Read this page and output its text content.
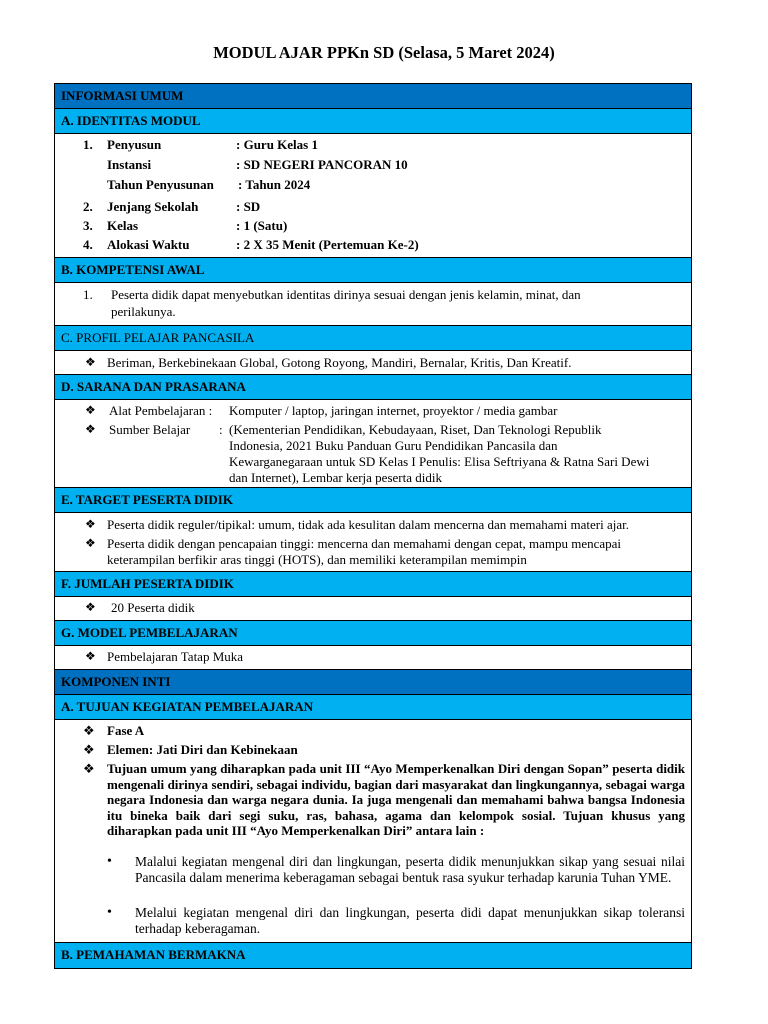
MODUL AJAR PPKn SD (Selasa, 5 Maret 2024)
INFORMASI UMUM
A. IDENTITAS MODUL
1. Penyusun	: Guru Kelas 1
Instansi	: SD NEGERI PANCORAN 10
Tahun Penyusunan : Tahun 2024
2. Jenjang Sekolah	: SD
3. Kelas	: 1 (Satu)
4. Alokasi Waktu	: 2 X 35 Menit (Pertemuan Ke-2)
B. KOMPETENSI AWAL
1. Peserta didik dapat menyebutkan identitas dirinya sesuai dengan jenis kelamin, minat, dan
perilakunya.
C. PROFIL PELAJAR PANCASILA
❖ Beriman, Berkebinekaan Global, Gotong Royong, Mandiri, Bernalar, Kritis, Dan Kreatif.
D. SARANA DAN PRASARANA
❖ Alat Pembelajaran : Komputer / laptop, jaringan internet, proyektor / media gambar
❖ Sumber Belajar : (Kementerian Pendidikan, Kebudayaan, Riset, Dan Teknologi Republik
Indonesia, 2021 Buku Panduan Guru Pendidikan Pancasila dan
Kewarganegaraan untuk SD Kelas I Penulis: Elisa Seftriyana & Ratna Sari Dewi
dan Internet), Lembar kerja peserta didik
E. TARGET PESERTA DIDIK
❖ Peserta didik reguler/tipikal: umum, tidak ada kesulitan dalam mencerna dan memahami materi ajar.
❖ Peserta didik dengan pencapaian tinggi: mencerna dan memahami dengan cepat, mampu mencapai
keterampilan berfikir aras tinggi (HOTS), dan memiliki keterampilan memimpin
F. JUMLAH PESERTA DIDIK
❖ 20 Peserta didik
G. MODEL PEMBELAJARAN
❖ Pembelajaran Tatap Muka
KOMPONEN INTI
A. TUJUAN KEGIATAN PEMBELAJARAN
❖ Fase A
❖ Elemen: Jati Diri dan Kebinekaan
❖ Tujuan umum yang diharapkan pada unit III “Ayo Memperkenalkan Diri dengan Sopan” peserta didik mengenali dirinya sendiri, sebagai individu, bagian dari masyarakat dan lingkungannya, sebagai warga negara Indonesia dan warga negara dunia. Ia juga mengenali dan memahami bahwa bangsa Indonesia itu bineka baik dari segi suku, ras, bahasa, agama dan kelompok sosial. Tujuan khusus yang diharapkan pada unit III “Ayo Memperkenalkan Diri” antara lain :
• Malalui kegiatan mengenal diri dan lingkungan, peserta didik menunjukkan sikap yang sesuai nilai Pancasila dalam menerima keberagaman sebagai bentuk rasa syukur terhadap karunia Tuhan YME.
• Melalui kegiatan mengenal diri dan lingkungan, peserta didi dapat menunjukkan sikap toleransi terhadap keberagaman.
B. PEMAHAMAN BERMAKNA
